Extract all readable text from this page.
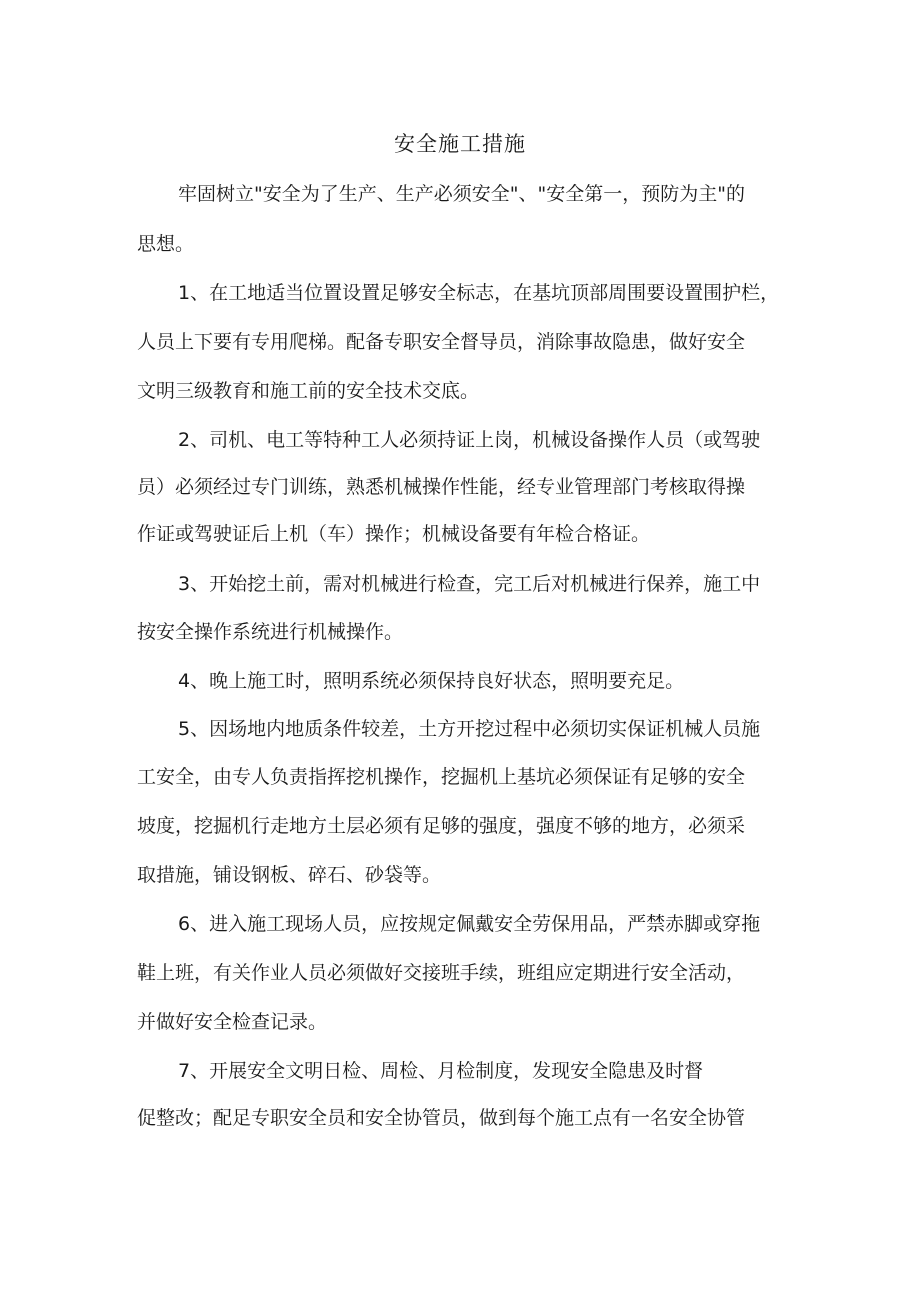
安全施工措施
牢固树立"安全为了生产、生产必须安全"、"安全第一，预防为主"的
思想。
1、在工地适当位置设置足够安全标志，在基坑顶部周围要设置围护栏，
人员上下要有专用爬梯。配备专职安全督导员，消除事故隐患，做好安全
文明三级教育和施工前的安全技术交底。
2、司机、电工等特种工人必须持证上岗，机械设备操作人员（或驾驶
员）必须经过专门训练，熟悉机械操作性能，经专业管理部门考核取得操
作证或驾驶证后上机（车）操作；机械设备要有年检合格证。
3、开始挖土前，需对机械进行检查，完工后对机械进行保养，施工中
按安全操作系统进行机械操作。
4、晚上施工时，照明系统必须保持良好状态，照明要充足。
5、因场地内地质条件较差，土方开挖过程中必须切实保证机械人员施
工安全，由专人负责指挥挖机操作，挖掘机上基坑必须保证有足够的安全
坡度，挖掘机行走地方土层必须有足够的强度，强度不够的地方，必须采
取措施，铺设钢板、碎石、砂袋等。
6、进入施工现场人员，应按规定佩戴安全劳保用品，严禁赤脚或穿拖
鞋上班，有关作业人员必须做好交接班手续，班组应定期进行安全活动，
并做好安全检查记录。
7、开展安全文明日检、周检、月检制度，发现安全隐患及时督
促整改；配足专职安全员和安全协管员，做到每个施工点有一名安全协管
